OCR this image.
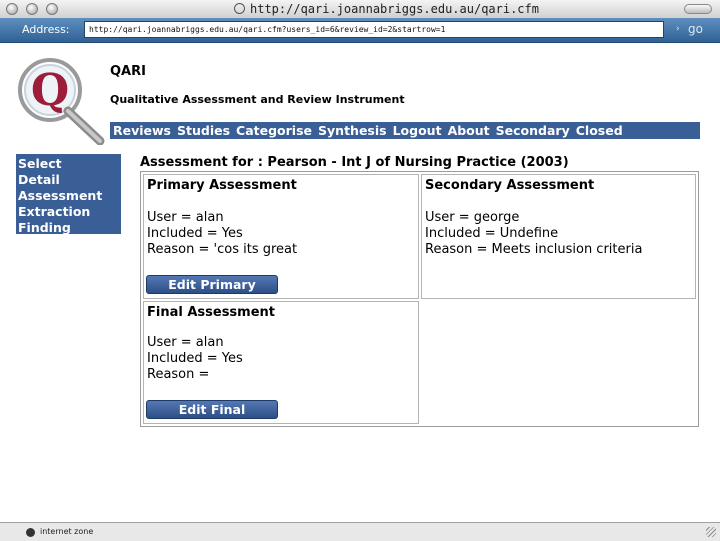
http://qari.joannabriggs.edu.au/qari.cfm
Address:	http://qari.joannabriggs.edu.au/qari.cfm?users_id=6&review_id=2&startrow=1	› go
Q	QARI
Qualitative Assessment and Review Instrument
Reviews Studies Categorise Synthesis Logout About Secondary Closed
Select
Detail
Assessment
Extraction
Finding
Assessment for : Pearson - Int J of Nursing Practice (2003)
Primary Assessment
User = alan
Included = Yes
Reason = 'cos its great
Edit Primary
Secondary Assessment
User = george
Included = Undefine
Reason = Meets inclusion criteria
Final Assessment
User = alan
Included = Yes
Reason =
Edit Final
internet zone
